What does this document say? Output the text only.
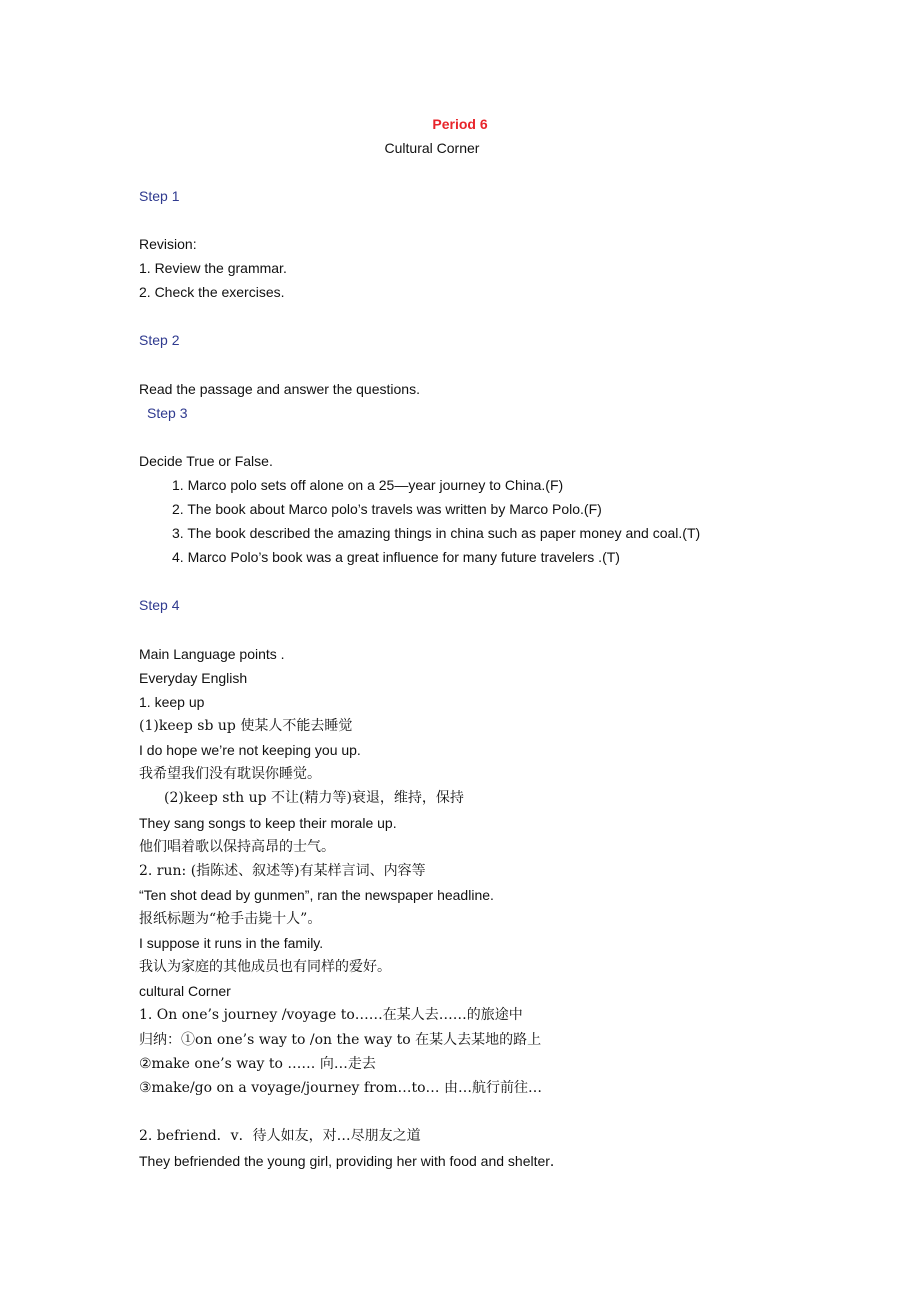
Period 6
Cultural Corner
Step 1
Revision:
1. Review the grammar.
2. Check the exercises.
Step 2
Read the passage and answer the questions.
Step 3
Decide True or False.
1. Marco polo sets off alone on a 25—year journey to China.(F)
2. The book about Marco polo’s travels was written by Marco Polo.(F)
3. The book described the amazing things in china such as paper money and coal.(T)
4. Marco Polo’s book was a great influence for many future travelers .(T)
Step 4
Main Language points .
Everyday English
1. keep up
(1)keep sb up 使某人不能去睡觉
I do hope we’re not keeping you up.
我希望我们没有耽误你睡觉。
(2)keep sth up 不让(精力等)衰退，维持，保持
They sang songs to keep their morale up.
他们唱着歌以保持高昂的士气。
2. run: (指陈述、叙述等)有某样言词、内容等
“Ten shot dead by gunmen”, ran the newspaper headline.
报纸标题为“枪手击毙十人”。
I suppose it runs in the family.
我认为家庭的其他成员也有同样的爱好。
cultural Corner
1. On one’s journey /voyage to……在某人去……的旅途中
归纳：①on one’s way to /on the way to 在某人去某地的路上
②make one’s way to …… 向…走去
③make/go on a voyage/journey from…to… 由…航行前往…
2. befriend．v．待人如友，对…尽朋友之道
They befriended the young girl, providing her with food and shelter．
